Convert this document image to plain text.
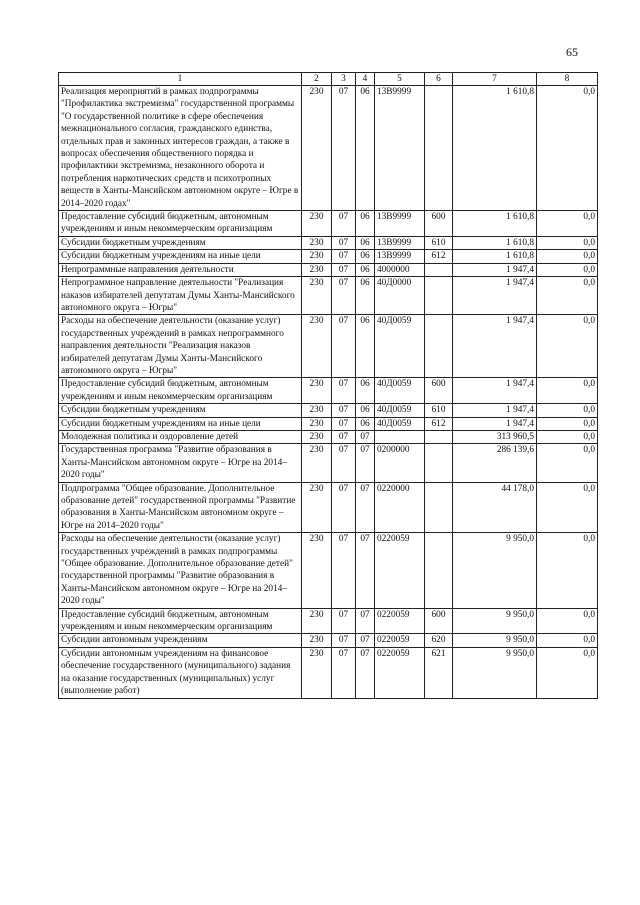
65
1	2	3	4	5	6	7	8
Реализация мероприятий в рамках подпрограммы "Профилактика экстремизма" государственной программы "О государственной политике в сфере обеспечения межнационального согласия, гражданского единства, отдельных прав и законных интересов граждан, а также в вопросах обеспечения общественного порядка и профилактики экстремизма, незаконного оборота и потребления наркотических средств и психотропных веществ в Ханты-Мансийском автономном округе – Югре в 2014–2020 годах"	230	07	06	13В9999		1 610,8	0,0
Предоставление субсидий бюджетным, автономным учреждениям и иным некоммерческим организациям	230	07	06	13В9999	600	1 610,8	0,0
Субсидии бюджетным учреждениям	230	07	06	13В9999	610	1 610,8	0,0
Субсидии бюджетным учреждениям на иные цели	230	07	06	13В9999	612	1 610,8	0,0
Непрограммные направления деятельности	230	07	06	4000000		1 947,4	0,0
Непрограммное направление деятельности "Реализация наказов избирателей депутатам Думы Ханты-Мансийского автономного округа – Югры"	230	07	06	40Д0000		1 947,4	0,0
Расходы на обеспечение деятельности (оказание услуг) государственных учреждений в рамках непрограммного направления деятельности "Реализация наказов избирателей депутатам Думы Ханты-Мансийского автономного округа – Югры"	230	07	06	40Д0059		1 947,4	0,0
Предоставление субсидий бюджетным, автономным учреждениям и иным некоммерческим организациям	230	07	06	40Д0059	600	1 947,4	0,0
Субсидии бюджетным учреждениям	230	07	06	40Д0059	610	1 947,4	0,0
Субсидии бюджетным учреждениям на иные цели	230	07	06	40Д0059	612	1 947,4	0,0
Молодежная политика и оздоровление детей	230	07	07			313 960,5	0,0
Государственная программа "Развитие образования в Ханты-Мансийском автономном округе – Югре на 2014–2020 годы"	230	07	07	0200000		286 139,6	0,0
Подпрограмма "Общее образование. Дополнительное образование детей" государственной программы "Развитие образования в Ханты-Мансийском автономном округе – Югре на 2014–2020 годы"	230	07	07	0220000		44 178,0	0,0
Расходы на обеспечение деятельности (оказание услуг) государственных учреждений в рамках подпрограммы "Общее образование. Дополнительное образование детей" государственной программы "Развитие образования в Ханты-Мансийском автономном округе – Югре на 2014–2020 годы"	230	07	07	0220059		9 950,0	0,0
Предоставление субсидий бюджетным, автономным учреждениям и иным некоммерческим организациям	230	07	07	0220059	600	9 950,0	0,0
Субсидии автономным учреждениям	230	07	07	0220059	620	9 950,0	0,0
Субсидии автономным учреждениям на финансовое обеспечение государственного (муниципального) задания на оказание государственных (муниципальных) услуг (выполнение работ)	230	07	07	0220059	621	9 950,0	0,0
